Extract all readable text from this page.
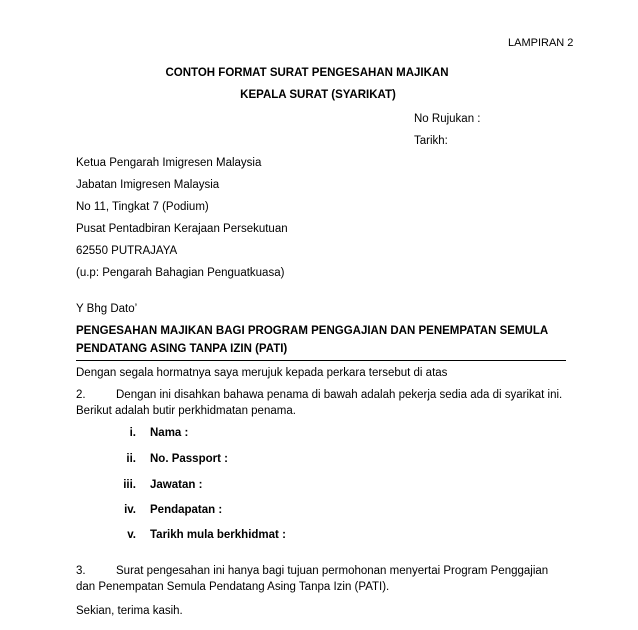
LAMPIRAN 2
CONTOH FORMAT SURAT PENGESAHAN MAJIKAN
KEPALA SURAT (SYARIKAT)
No Rujukan :
Tarikh:
Ketua Pengarah Imigresen Malaysia
Jabatan Imigresen Malaysia
No 11, Tingkat 7 (Podium)
Pusat Pentadbiran Kerajaan Persekutuan
62550 PUTRAJAYA
(u.p: Pengarah Bahagian Penguatkuasa)
Y Bhg Dato’
PENGESAHAN MAJIKAN BAGI PROGRAM PENGGAJIAN DAN PENEMPATAN SEMULA PENDATANG ASING TANPA IZIN (PATI)
Dengan segala hormatnya saya merujuk kepada perkara tersebut di atas
2.	Dengan ini disahkan bahawa penama di bawah adalah pekerja sedia ada di syarikat ini. Berikut adalah butir perkhidmatan penama.
i. Nama :
ii. No. Passport :
iii. Jawatan :
iv. Pendapatan :
v. Tarikh mula berkhidmat :
3.	Surat pengesahan ini hanya bagi tujuan permohonan menyertai Program Penggajian dan Penempatan Semula Pendatang Asing Tanpa Izin (PATI).
Sekian, terima kasih.
